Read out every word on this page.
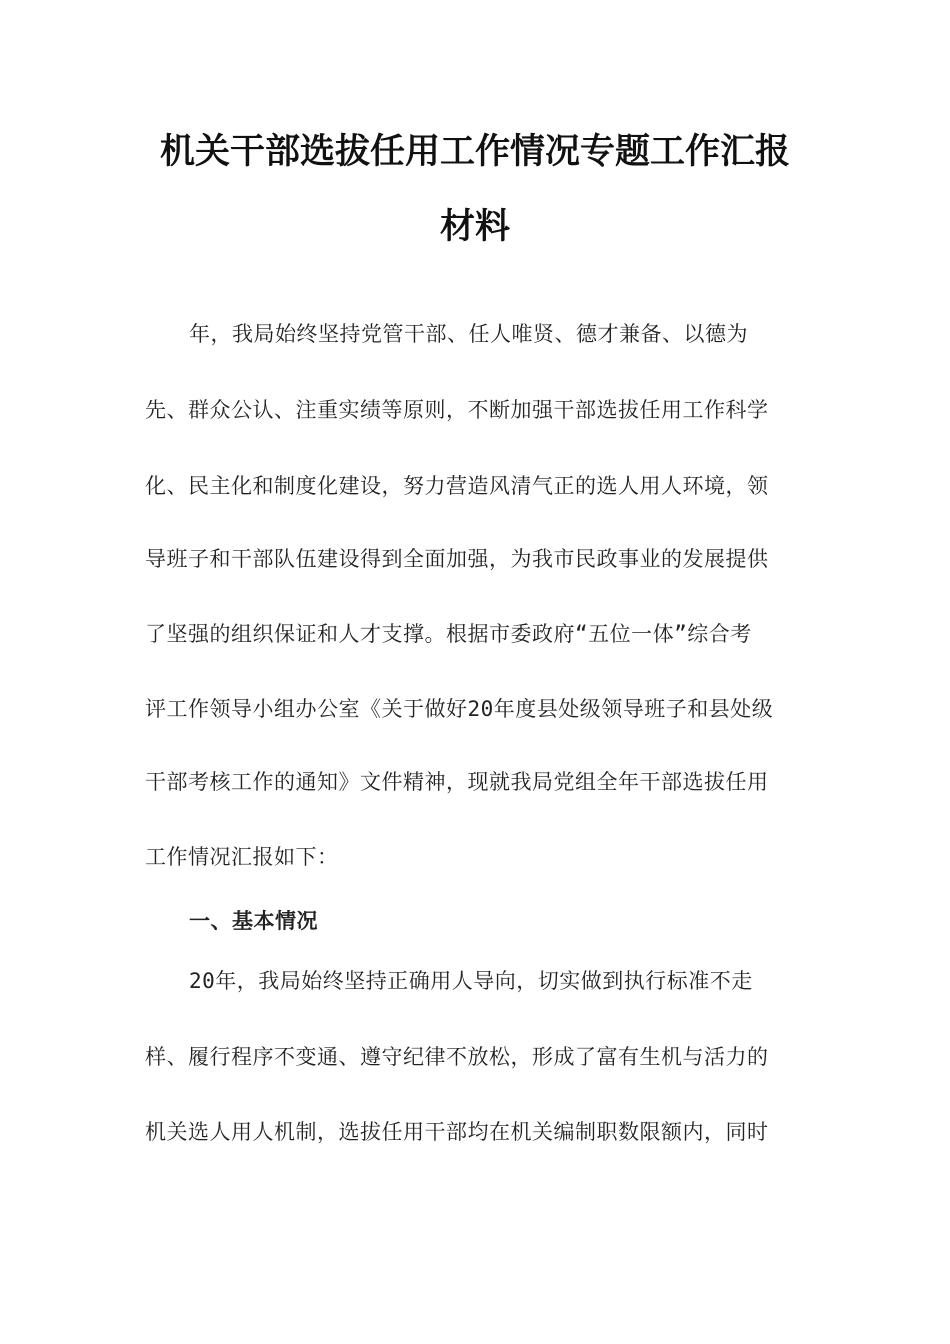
机关干部选拔任用工作情况专题工作汇报
材料
年，我局始终坚持党管干部、任人唯贤、德才兼备、以德为
先、群众公认、注重实绩等原则，不断加强干部选拔任用工作科学
化、民主化和制度化建设，努力营造风清气正的选人用人环境，领
导班子和干部队伍建设得到全面加强，为我市民政事业的发展提供
了坚强的组织保证和人才支撑。根据市委政府“五位一体”综合考
评工作领导小组办公室《关于做好20年度县处级领导班子和县处级
干部考核工作的通知》文件精神，现就我局党组全年干部选拔任用
工作情况汇报如下：
一、基本情况
20年，我局始终坚持正确用人导向，切实做到执行标准不走
样、履行程序不变通、遵守纪律不放松，形成了富有生机与活力的
机关选人用人机制，选拔任用干部均在机关编制职数限额内，同时
